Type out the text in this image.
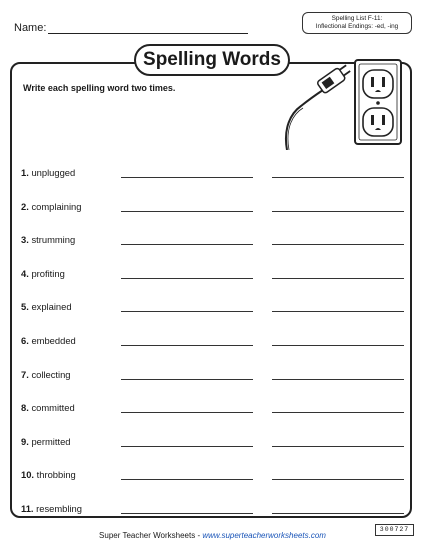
Name:
Spelling List F-11:
Inflectional Endings: -ed, -ing
Spelling Words
Write each spelling word two times.
1. unplugged
2. complaining
3. strumming
4. profiting
5. explained
6. embedded
7. collecting
8. committed
9. permitted
10. throbbing
11. resembling
Super Teacher Worksheets - www.superteacherworksheets.com
300727
